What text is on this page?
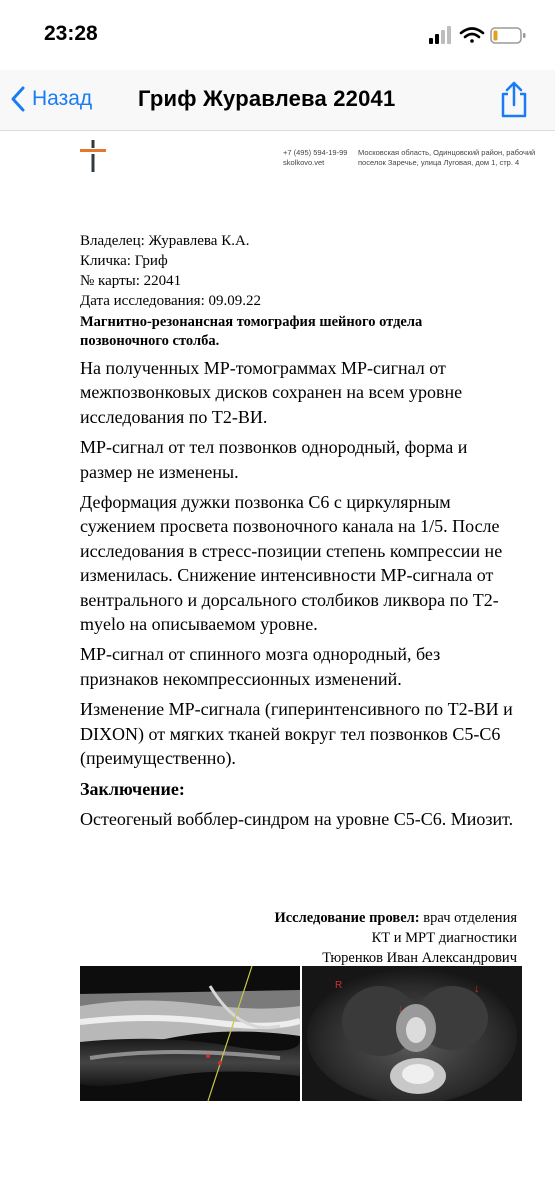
23:28
Назад Гриф Журавлева 22041
+7 (495) 594-19-99
skolkovo.vet
Московская область, Одинцовский район, рабочий
поселок Заречье, улица Луговая, дом 1, стр. 4
Владелец: Журавлева К.А.
Кличка: Гриф
№ карты: 22041
Дата исследования: 09.09.22
Магнитно-резонансная томография шейного отдела позвоночного столба.

На полученных МР-томограммах МР-сигнал от межпозвонковых дисков сохранен на всем уровне исследования по Т2-ВИ.

МР-сигнал от тел позвонков однородный, форма и размер не изменены.

Деформация дужки позвонка С6 с циркулярным сужением просвета позвоночного канала на 1/5. После исследования в стресс-позиции степень компрессии не изменилась. Снижение интенсивности МР-сигнала от вентрального и дорсального столбиков ликвора по Т2-myelo на описываемом уровне.

МР-сигнал от спинного мозга однородный, без признаков некомпрессионных изменений.

Изменение МР-сигнала (гиперинтенсивного по Т2-ВИ и DIXON) от мягких тканей вокруг тел позвонков С5-С6 (преимущественно).

Заключение:

Остеогеный вобблер-синдром на уровне С5-С6. Миозит.

Исследование провел: врач отделения
КТ и МРТ диагностики
Тюренков Иван Александрович
R
↓
↓
